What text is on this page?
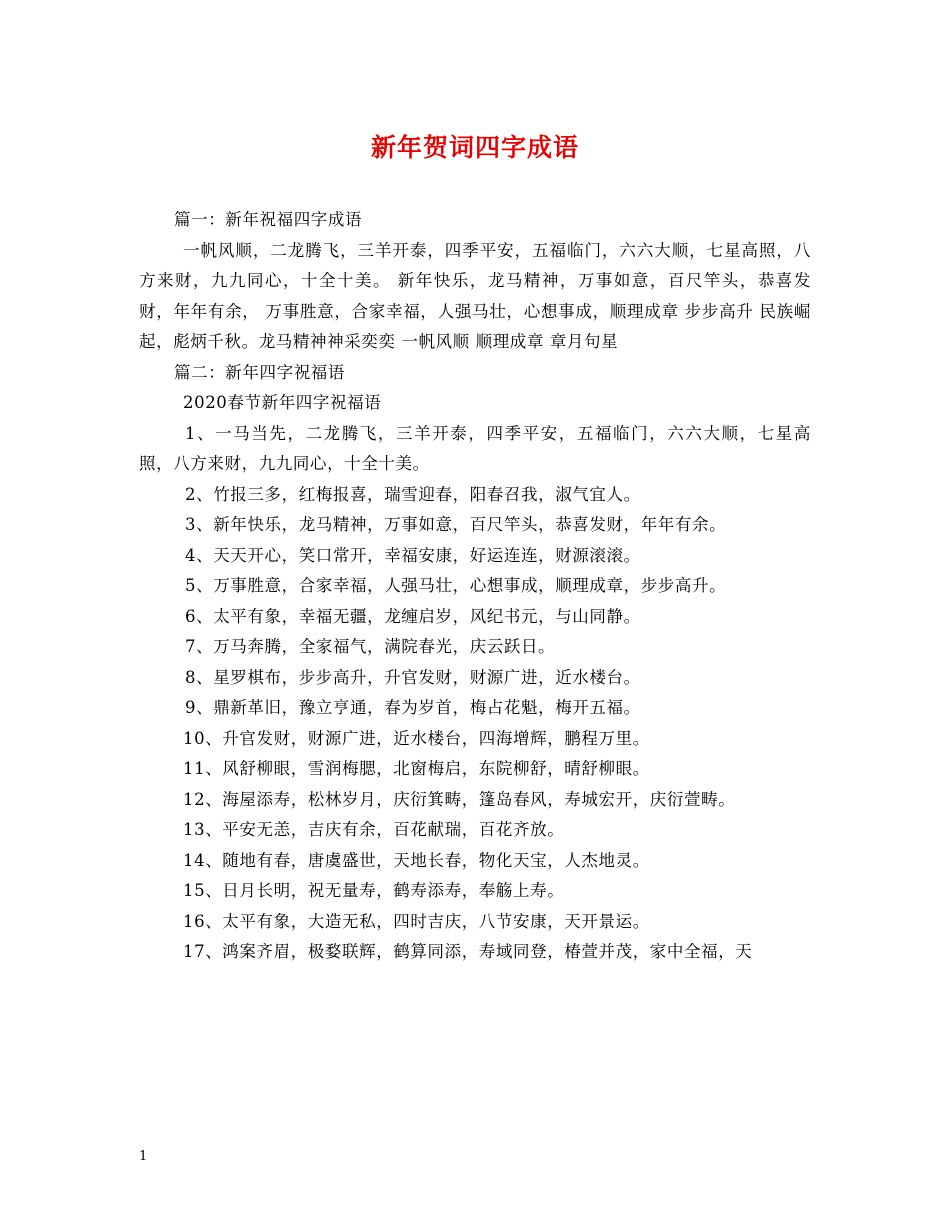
新年贺词四字成语

篇一：新年祝福四字成语

一帆风顺，二龙腾飞，三羊开泰，四季平安，五福临门，六六大顺，七星高照，八方来财，九九同心，十全十美。 新年快乐，龙马精神，万事如意，百尺竿头，恭喜发财，年年有余， 万事胜意，合家幸福，人强马壮，心想事成，顺理成章 步步高升 民族崛起，彪炳千秋。龙马精神神采奕奕 一帆风顺 顺理成章 章月句星

篇二：新年四字祝福语

2020春节新年四字祝福语

1、一马当先，二龙腾飞，三羊开泰，四季平安，五福临门，六六大顺，七星高照，八方来财，九九同心，十全十美。

2、竹报三多，红梅报喜，瑞雪迎春，阳春召我，淑气宜人。

3、新年快乐，龙马精神，万事如意，百尺竿头，恭喜发财，年年有余。

4、天天开心，笑口常开，幸福安康，好运连连，财源滚滚。

5、万事胜意，合家幸福，人强马壮，心想事成，顺理成章，步步高升。

6、太平有象，幸福无疆，龙缠启岁，风纪书元，与山同静。

7、万马奔腾，全家福气，满院春光，庆云跃日。

8、星罗棋布，步步高升，升官发财，财源广进，近水楼台。

9、鼎新革旧，豫立亨通，春为岁首，梅占花魁，梅开五福。

10、升官发财，财源广进，近水楼台，四海增辉，鹏程万里。

11、风舒柳眼，雪润梅腮，北窗梅启，东院柳舒，晴舒柳眼。

12、海屋添寿，松林岁月，庆衍箕畴，篷岛春风，寿城宏开，庆衍萱畴。

13、平安无恙，吉庆有余，百花献瑞，百花齐放。

14、随地有春，唐虞盛世，天地长春，物化天宝，人杰地灵。

15、日月长明，祝无量寿，鹤寿添寿，奉觞上寿。

16、太平有象，大造无私，四时吉庆，八节安康，天开景运。

17、鸿案齐眉，极婺联辉，鹤算同添，寿域同登，椿萱并茂，家中全福，天

1
